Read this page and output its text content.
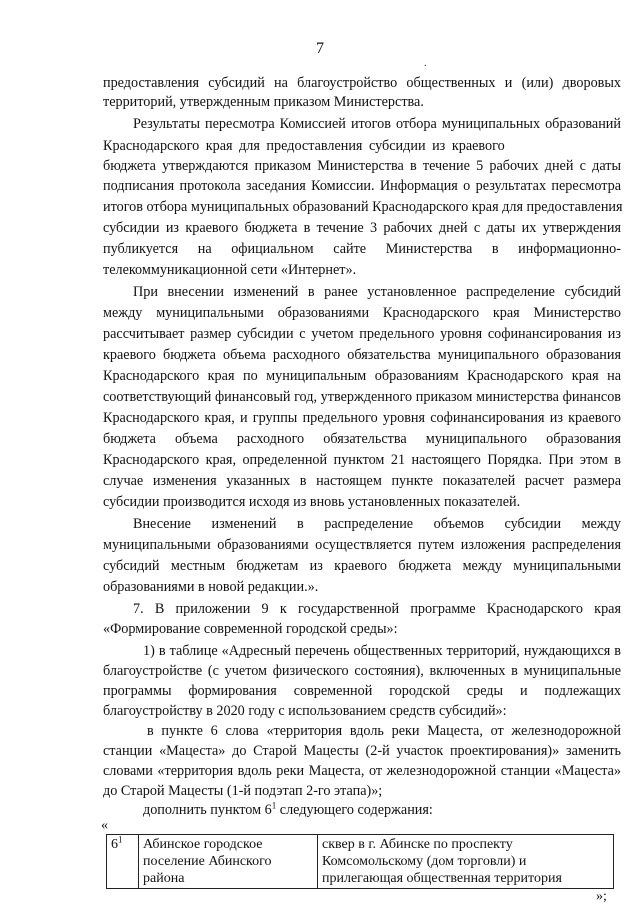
7
.
предоставления субсидий на благоустройство общественных и (или) дворовых
территорий, утвержденным приказом Министерства.
Результаты пересмотра Комиссией итогов отбора муниципальных образований
Краснодарского края для предоставления субсидии из краевого
бюджета утверждаются приказом Министерства в течение 5 рабочих дней с даты
подписания протокола заседания Комиссии. Информация о результатах пересмотра
итогов отбора муниципальных образований Краснодарского края для предоставления
субсидии из краевого бюджета в течение 3 рабочих дней с даты их утверждения
публикуется на официальном сайте Министерства в информационно-
телекоммуникационной сети «Интернет».
При внесении изменений в ранее установленное распределение субсидий
между муниципальными образованиями Краснодарского края Министерство
рассчитывает размер субсидии с учетом предельного уровня софинансирования из
краевого бюджета объема расходного обязательства муниципального образования
Краснодарского края по муниципальным образованиям Краснодарского края на
соответствующий финансовый год, утвержденного приказом министерства финансов
Краснодарского края, и группы предельного уровня софинансирования из краевого
бюджета объема расходного обязательства муниципального образования
Краснодарского края, определенной пунктом 21 настоящего Порядка. При этом в
случае изменения указанных в настоящем пункте показателей расчет размера
субсидии производится исходя из вновь установленных показателей.
Внесение изменений в распределение объемов субсидии между
муниципальными образованиями осуществляется путем изложения распределения
субсидий местным бюджетам из краевого бюджета между муниципальными
образованиями в новой редакции.».
7. В приложении 9 к государственной программе Краснодарского края
«Формирование современной городской среды»:
1) в таблице «Адресный перечень общественных территорий, нуждающихся в
благоустройстве (с учетом физического состояния), включенных в муниципальные
программы формирования современной городской среды и подлежащих
благоустройству в 2020 году с использованием средств субсидий»:
в пункте 6 слова «территория вдоль реки Мацеста, от железнодорожной
станции «Мацеста» до Старой Мацесты (2-й участок проектирования)» заменить
словами «территория вдоль реки Мацеста, от железнодорожной станции «Мацеста»
до Старой Мацесты (1-й подэтап 2-го этапа)»;
дополнить пунктом $6^1$ следующего содержания:
«
$6^1$	Абинское городское поселение Абинского района	сквер в г. Абинске по проспекту Комсомольскому (дом торговли) и прилегающая общественная территория
»;
